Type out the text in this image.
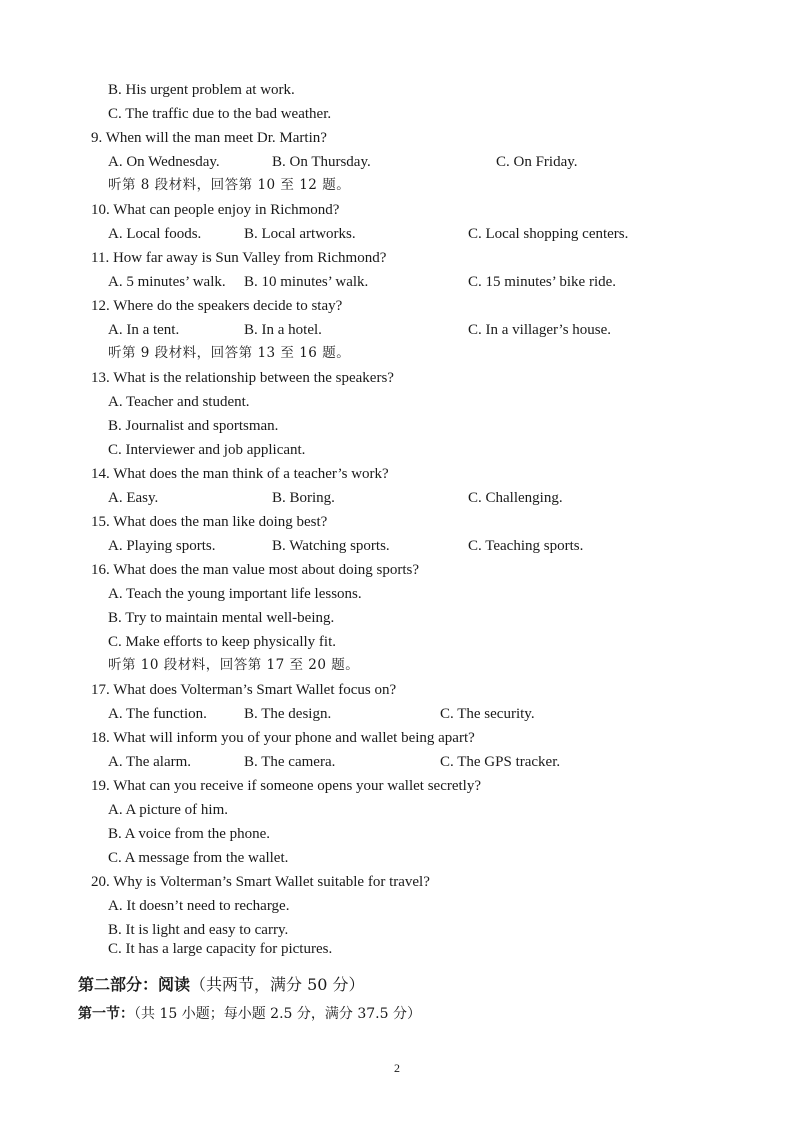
B. His urgent problem at work.
C. The traffic due to the bad weather.
9. When will the man meet Dr. Martin?
A. On Wednesday.	B. On Thursday.	C. On Friday.
听第 8 段材料，回答第 10 至 12 题。
10. What can people enjoy in Richmond?
A. Local foods.	B. Local artworks.	C. Local shopping centers.
11. How far away is Sun Valley from Richmond?
A. 5 minutes’ walk. B. 10 minutes’ walk.	C. 15 minutes’ bike ride.
12. Where do the speakers decide to stay?
A. In a tent.	B. In a hotel.	C. In a villager’s house.
听第 9 段材料，回答第 13 至 16 题。
13. What is the relationship between the speakers?
A. Teacher and student.
B. Journalist and sportsman.
C. Interviewer and job applicant.
14. What does the man think of a teacher’s work?
A. Easy.	B. Boring.	C. Challenging.
15. What does the man like doing best?
A. Playing sports.	B. Watching sports.	C. Teaching sports.
16. What does the man value most about doing sports?
A. Teach the young important life lessons.
B. Try to maintain mental well-being.
C. Make efforts to keep physically fit.
听第 10 段材料，回答第 17 至 20 题。
17. What does Volterman’s Smart Wallet focus on?
A. The function. B. The design.	C. The security.
18. What will inform you of your phone and wallet being apart?
A. The alarm.	B. The camera.	C. The GPS tracker.
19. What can you receive if someone opens your wallet secretly?
A. A picture of him.
B. A voice from the phone.
C. A message from the wallet.
20. Why is Volterman’s Smart Wallet suitable for travel?
A. It doesn’t need to recharge.
B. It is light and easy to carry.
C. It has a large capacity for pictures.
第二部分：阅读（共两节，满分 50 分）
第一节：（共 15 小题；每小题 2.5 分，满分 37.5 分）
2
